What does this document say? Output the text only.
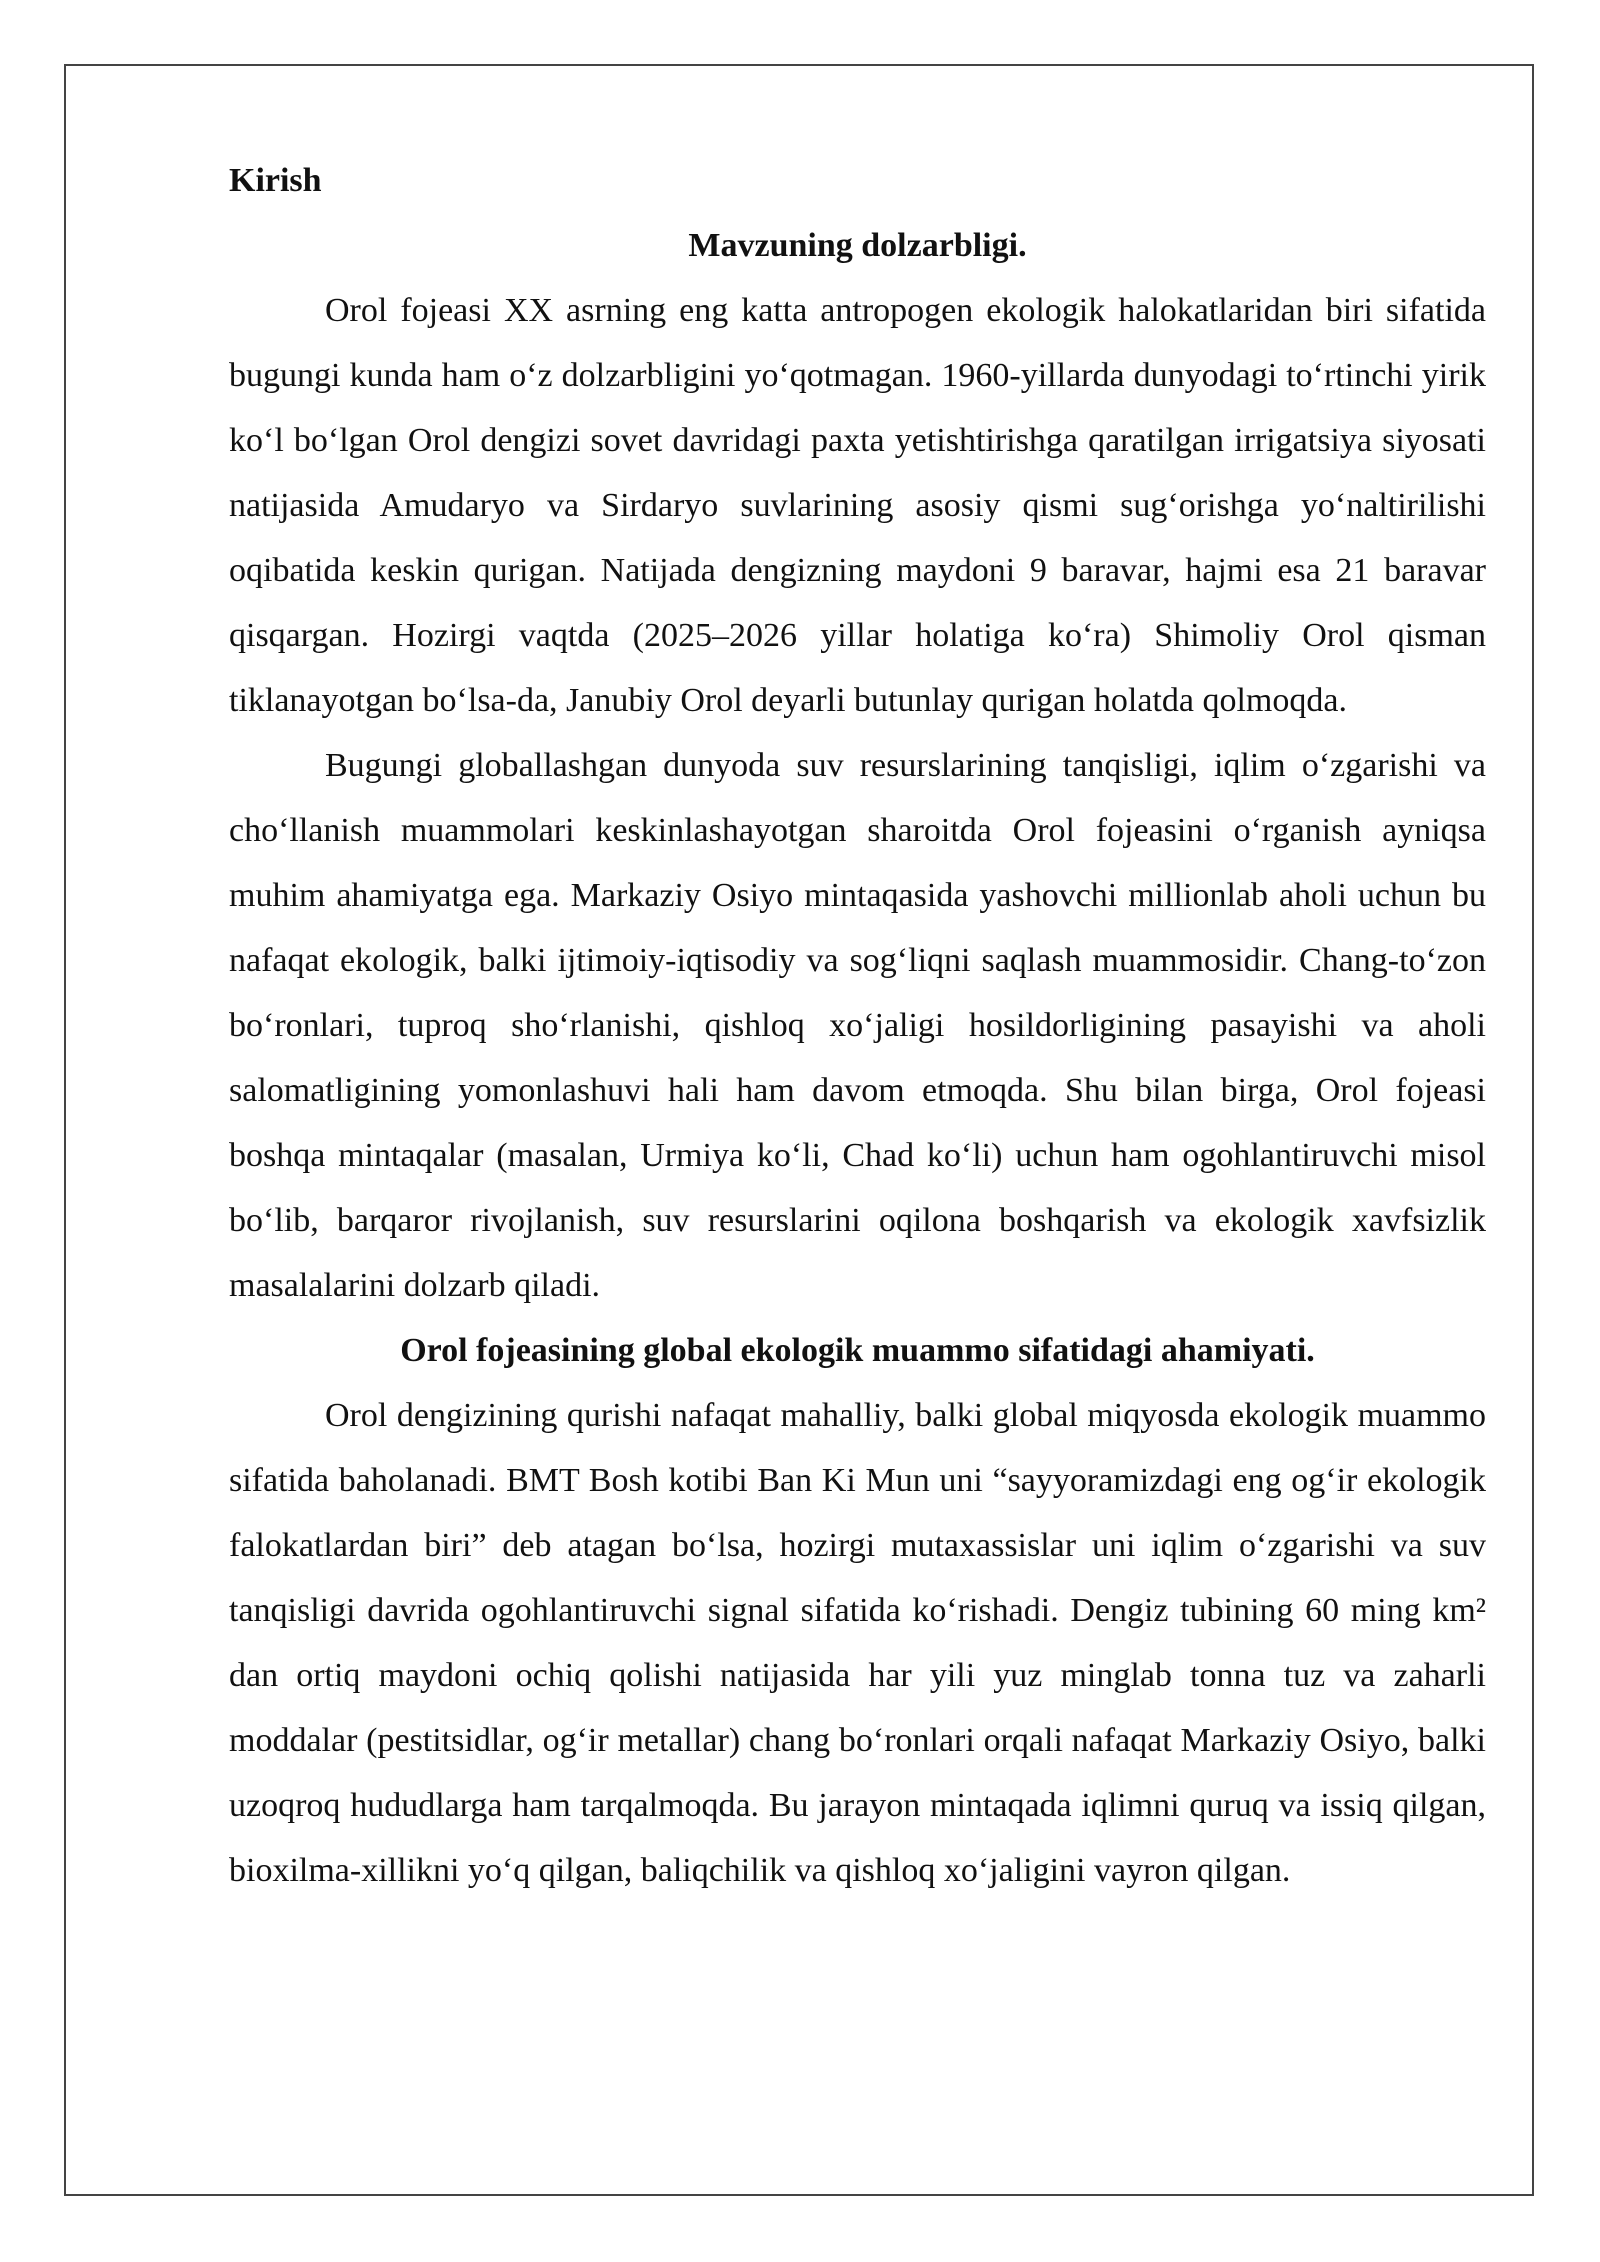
Kirish

Mavzuning dolzarbligi.

Orol fojeasi XX asrning eng katta antropogen ekologik halokatlaridan biri sifatida bugungi kunda ham o‘z dolzarbligini yo‘qotmagan. 1960-yillarda dunyodagi to‘rtinchi yirik ko‘l bo‘lgan Orol dengizi sovet davridagi paxta yetishtirishga qaratilgan irrigatsiya siyosati natijasida Amudaryo va Sirdaryo suvlarining asosiy qismi sug‘orishga yo‘naltirilishi oqibatida keskin qurigan. Natijada dengizning maydoni 9 baravar, hajmi esa 21 baravar qisqargan. Hozirgi vaqtda (2025–2026 yillar holatiga ko‘ra) Shimoliy Orol qisman tiklanayotgan bo‘lsa-da, Janubiy Orol deyarli butunlay qurigan holatda qolmoqda.

Bugungi globallashgan dunyoda suv resurslarining tanqisligi, iqlim o‘zgarishi va cho‘llanish muammolari keskinlashayotgan sharoitda Orol fojeasini o‘rganish ayniqsa muhim ahamiyatga ega. Markaziy Osiyo mintaqasida yashovchi millionlab aholi uchun bu nafaqat ekologik, balki ijtimoiy-iqtisodiy va sog‘liqni saqlash muammosidir. Chang-to‘zon bo‘ronlari, tuproq sho‘rlanishi, qishloq xo‘jaligi hosildorligining pasayishi va aholi salomatligining yomonlashuvi hali ham davom etmoqda. Shu bilan birga, Orol fojeasi boshqa mintaqalar (masalan, Urmiya ko‘li, Chad ko‘li) uchun ham ogohlantiruvchi misol bo‘lib, barqaror rivojlanish, suv resurslarini oqilona boshqarish va ekologik xavfsizlik masalalarini dolzarb qiladi.

Orol fojeasining global ekologik muammo sifatidagi ahamiyati.

Orol dengizining qurishi nafaqat mahalliy, balki global miqyosda ekologik muammo sifatida baholanadi. BMT Bosh kotibi Ban Ki Mun uni “sayyoramizdagi eng og‘ir ekologik falokatlardan biri” deb atagan bo‘lsa, hozirgi mutaxassislar uni iqlim o‘zgarishi va suv tanqisligi davrida ogohlantiruvchi signal sifatida ko‘rishadi. Dengiz tubining 60 ming km² dan ortiq maydoni ochiq qolishi natijasida har yili yuz minglab tonna tuz va zaharli moddalar (pestitsidlar, og‘ir metallar) chang bo‘ronlari orqali nafaqat Markaziy Osiyo, balki uzoqroq hududlarga ham tarqalmoqda. Bu jarayon mintaqada iqlimni quruq va issiq qilgan, bioxilma-xillikni yo‘q qilgan, baliqchilik va qishloq xo‘jaligini vayron qilgan.
